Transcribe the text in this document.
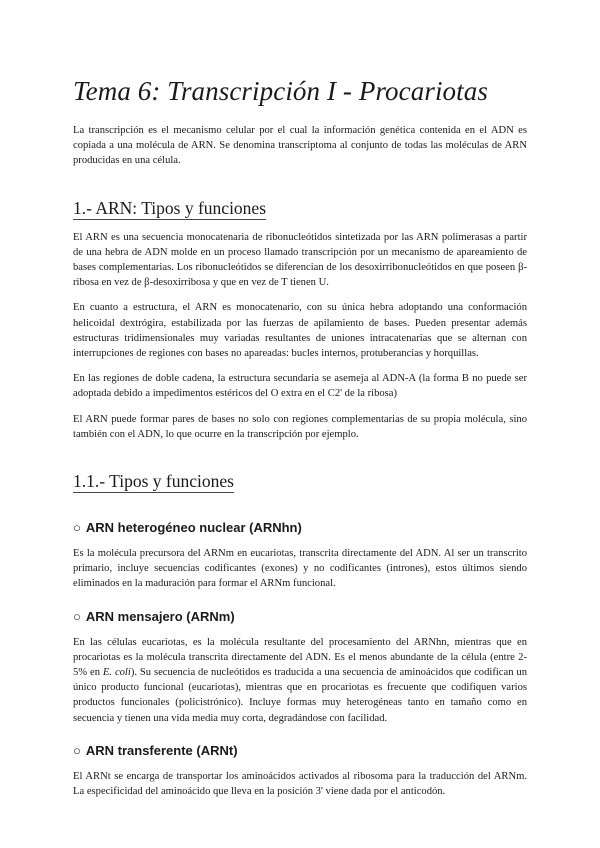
Tema 6: Transcripción I - Procariotas

La transcripción es el mecanismo celular por el cual la información genética contenida en el ADN es copiada a una molécula de ARN. Se denomina transcriptoma al conjunto de todas las moléculas de ARN producidas en una célula.

1.- ARN: Tipos y funciones

El ARN es una secuencia monocatenaria de ribonucleótidos sintetizada por las ARN polimerasas a partir de una hebra de ADN molde en un proceso llamado transcripción por un mecanismo de apareamiento de bases complementarias. Los ribonucleótidos se diferencian de los desoxirribonucleótidos en que poseen β-ribosa en vez de β-desoxirribosa y que en vez de T tienen U.

En cuanto a estructura, el ARN es monocatenario, con su única hebra adoptando una conformación helicoidal dextrógira, estabilizada por las fuerzas de apilamiento de bases. Pueden presentar además estructuras tridimensionales muy variadas resultantes de uniones intracatenarias que se alternan con interrupciones de regiones con bases no apareadas: bucles internos, protuberancias y horquillas.

En las regiones de doble cadena, la estructura secundaria se asemeja al ADN-A (la forma B no puede ser adoptada debido a impedimentos estéricos del O extra en el C2' de la ribosa)

El ARN puede formar pares de bases no solo con regiones complementarias de su propia molécula, sino también con el ADN, lo que ocurre en la transcripción por ejemplo.

1.1.- Tipos y funciones
○ ARN heterogéneo nuclear (ARNhn)

Es la molécula precursora del ARNm en eucariotas, transcrita directamente del ADN. Al ser un transcrito primario, incluye secuencias codificantes (exones) y no codificantes (intrones), estos últimos siendo eliminados en la maduración para formar el ARNm funcional.

○ ARN mensajero (ARNm)

En las células eucariotas, es la molécula resultante del procesamiento del ARNhn, mientras que en procariotas es la molécula transcrita directamente del ADN. Es el menos abundante de la célula (entre 2-5% en E. coli). Su secuencia de nucleótidos es traducida a una secuencia de aminoácidos que codifican un único producto funcional (eucariotas), mientras que en procariotas es frecuente que codifiquen varios productos funcionales (policistrónico). Incluye formas muy heterogéneas tanto en tamaño como en secuencia y tienen una vida media muy corta, degradándose con facilidad.

○ ARN transferente (ARNt)

El ARNt se encarga de transportar los aminoácidos activados al ribosoma para la traducción del ARNm. La especificidad del aminoácido que lleva en la posición 3' viene dada por el anticodón.
